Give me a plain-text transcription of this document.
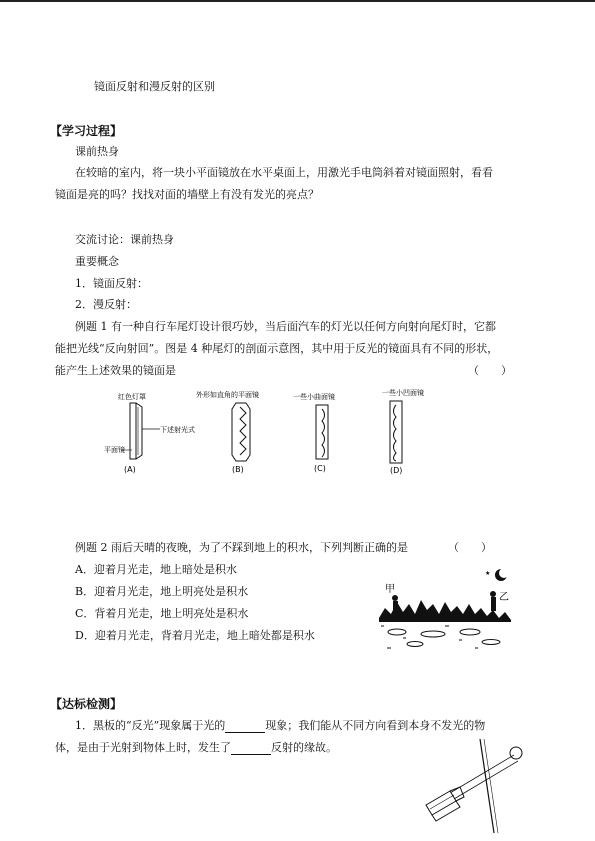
镜面反射和漫反射的区别
【学习过程】
课前热身
在较暗的室内，将一块小平面镜放在水平桌面上，用激光手电筒斜着对镜面照射，看看
镜面是亮的吗？找找对面的墙壁上有没有发光的亮点？
交流讨论：课前热身
重要概念
1．镜面反射：
2．漫反射：
例题 1 有一种自行车尾灯设计很巧妙，当后面汽车的灯光以任何方向射向尾灯时，它都
能把光线“反向射回”。图是 4 种尾灯的剖面示意图，其中用于反光的镜面具有不同的形状，
能产生上述效果的镜面是	（　　）
红色灯罩
下述射光式
平面镜
(A)
外形如直角的平面镜
(B)
一些小曲面镜
(C)
一些小凹面镜
(D)
例题 2 雨后天晴的夜晚，为了不踩到地上的积水，下列判断正确的是	（　　）
A．迎着月光走，地上暗处是积水
B．迎着月光走，地上明亮处是积水
C．背着月光走，地上明亮处是积水
D．迎着月光走，背着月光走，地上暗处都是积水
★
甲
乙
【达标检测】
1．黑板的“反光”现象属于光的	现象；我们能从不同方向看到本身不发光的物
体，是由于光射到物体上时，发生了	反射的缘故。
